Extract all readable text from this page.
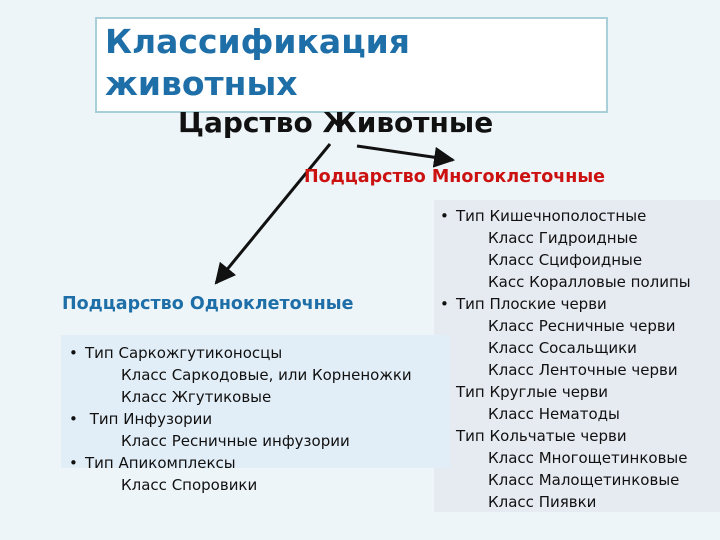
Классификация животных
Царство Животные
Подцарство Многоклеточные
• Тип Кишечнополостные
Класс Гидроидные
Класс Сцифоидные
Касс Коралловые полипы
• Тип Плоские черви
Класс Ресничные черви
Класс Сосальщики
Класс Ленточные черви
Тип Круглые черви
Класс Нематоды
Тип Кольчатые черви
Класс Многощетинковые
Класс Малощетинковые
Класс Пиявки
• Тип Саркожгутиконосцы
Класс Саркодовые, или Корненожки
Класс Жгутиковые
• Тип Инфузории
Класс Ресничные инфузории
• Тип Апикомплексы
Класс Споровики
Подцарство Одноклеточные
